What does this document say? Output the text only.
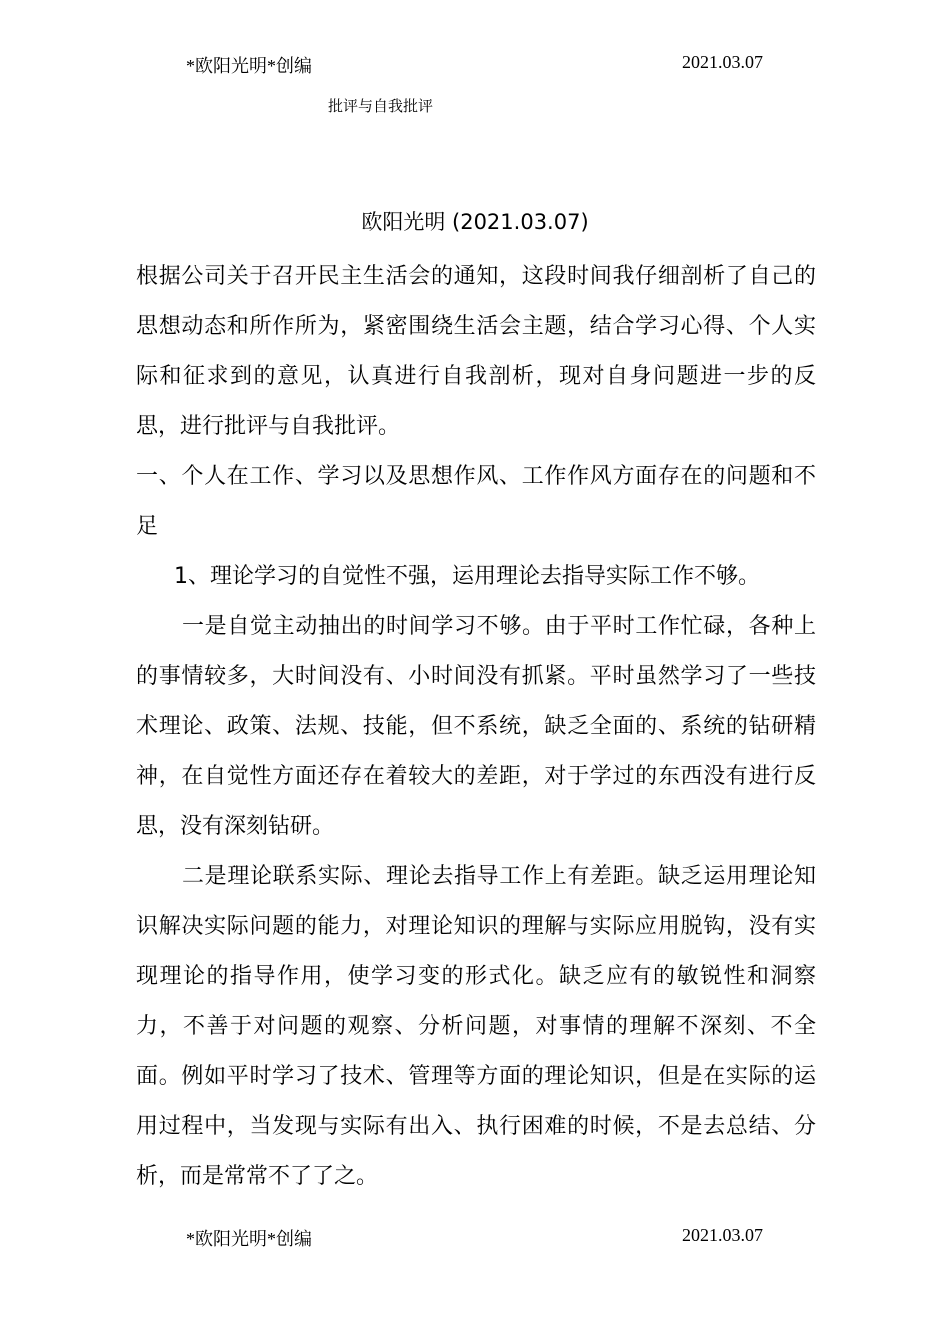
*欧阳光明*创编	2021.03.07
批评与自我批评
欧阳光明 (2021.03.07)

根据公司关于召开民主生活会的通知，这段时间我仔细剖析了自己的思想动态和所作所为，紧密围绕生活会主题，结合学习心得、个人实际和征求到的意见，认真进行自我剖析，现对自身问题进一步的反思，进行批评与自我批评。

一、个人在工作、学习以及思想作风、工作作风方面存在的问题和不足

1、理论学习的自觉性不强，运用理论去指导实际工作不够。

一是自觉主动抽出的时间学习不够。由于平时工作忙碌，各种上的事情较多，大时间没有、小时间没有抓紧。平时虽然学习了一些技术理论、政策、法规、技能，但不系统，缺乏全面的、系统的钻研精神，在自觉性方面还存在着较大的差距，对于学过的东西没有进行反思，没有深刻钻研。

二是理论联系实际、理论去指导工作上有差距。缺乏运用理论知识解决实际问题的能力，对理论知识的理解与实际应用脱钩，没有实现理论的指导作用，使学习变的形式化。缺乏应有的敏锐性和洞察力，不善于对问题的观察、分析问题，对事情的理解不深刻、不全面。例如平时学习了技术、管理等方面的理论知识，但是在实际的运用过程中，当发现与实际有出入、执行困难的时候，不是去总结、分析，而是常常不了了之。

*欧阳光明*创编	2021.03.07
